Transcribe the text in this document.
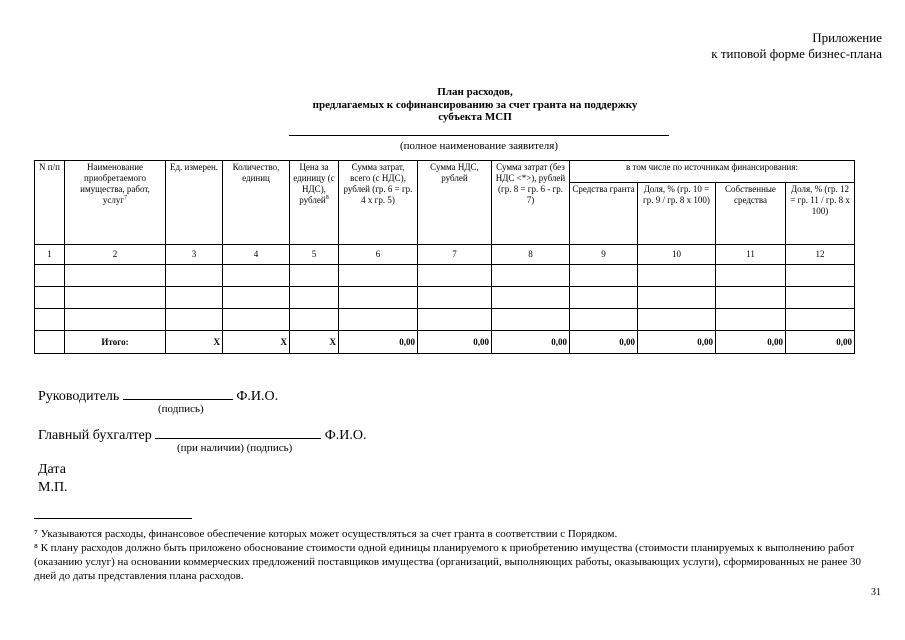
Приложение
к типовой форме бизнес-плана
План расходов,
предлагаемых к софинансированию за счет гранта на поддержку
субъекта МСП
(полное наименование заявителя)
N п/п	Наименование приобретаемого имущества, работ, услуг$^7$	Ед. измерен.	Количество, единиц	Цена за единицу (с НДС), рублей$^8$	Сумма затрат, всего (с НДС), рублей (гр. 6 = гр. 4 x гр. 5)	Сумма НДС, рублей	Сумма затрат (без НДС <*>), рублей (гр. 8 = гр. 6 - гр. 7)	в том числе по источникам финансирования:			
								Средства гранта	Доля, % (гр. 10 = гр. 9 / гр. 8 x 100)	Собственные средства	Доля, % (гр. 12 = гр. 11 / гр. 8 x 100)
1	2	3	4	5	6	7	8	9	10	11	12

	Итого:	X	X	X	0,00	0,00	0,00	0,00	0,00	0,00	0,00
Руководитель	Ф.И.О.
(подпись)
Главный бухгалтер	Ф.И.О.
(при наличии) (подпись)
Дата
М.П.

⁷ Указываются расходы, финансовое обеспечение которых может осуществляться за счет гранта в соответствии с Порядком.

⁸ К плану расходов должно быть приложено обоснование стоимости одной единицы планируемого к приобретению имущества (стоимости планируемых к выполнению работ (оказанию услуг) на основании коммерческих предложений поставщиков имущества (организаций, выполняющих работы, оказывающих услуги), сформированных не ранее 30 дней до даты представления плана расходов.

31
